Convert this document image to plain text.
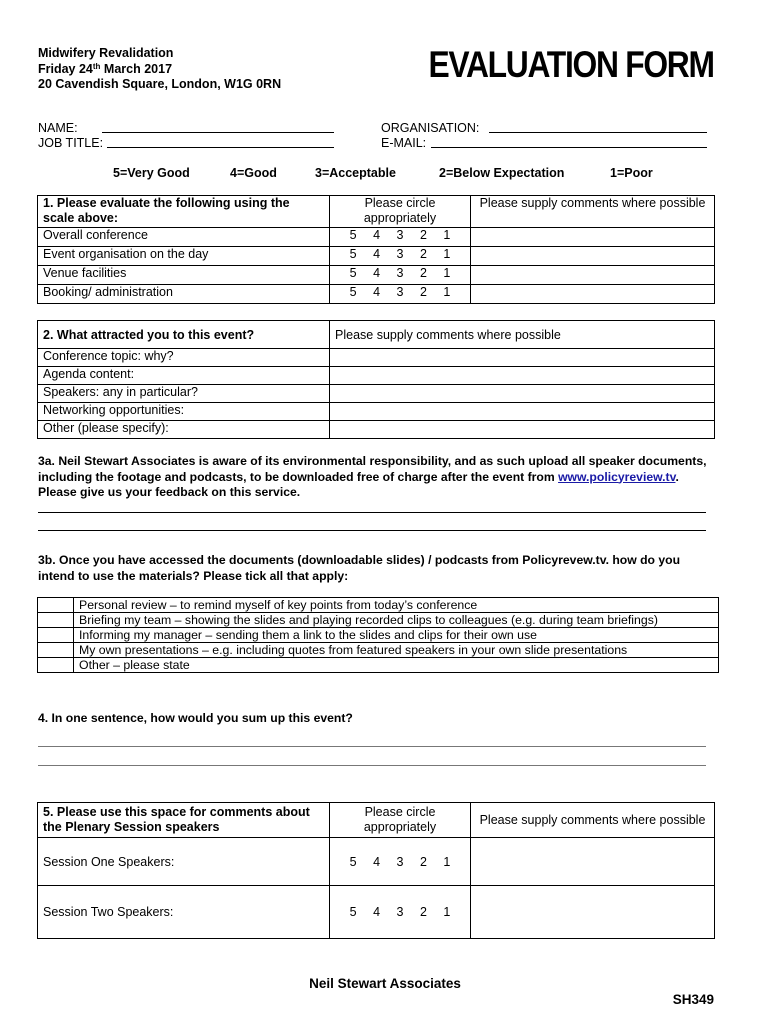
Midwifery Revalidation
Friday 24th March 2017
20 Cavendish Square, London, W1G 0RN	EVALUATION FORM
NAME:
JOB TITLE:
ORGANISATION:
E-MAIL:
5=Very Good	4=Good	3=Acceptable	2=Below Expectation	1=Poor
1. Please evaluate the following using the scale above:	Please circle appropriately	Please supply comments where possible
Overall conference	5 4 3 2 1	
Event organisation on the day	5 4 3 2 1	
Venue facilities	5 4 3 2 1	
Booking/ administration	5 4 3 2 1	
2. What attracted you to this event?	Please supply comments where possible
Conference topic: why?	
Agenda content:	
Speakers: any in particular?	
Networking opportunities:	
Other (please specify):	
3a. Neil Stewart Associates is aware of its environmental responsibility, and as such upload all speaker documents, including the footage and podcasts, to be downloaded free of charge after the event from www.policyreview.tv. Please give us your feedback on this service.
3b. Once you have accessed the documents (downloadable slides) / podcasts from Policyrevew.tv. how do you intend to use the materials? Please tick all that apply:
	Personal review – to remind myself of key points from today’s conference
	Briefing my team – showing the slides and playing recorded clips to colleagues (e.g. during team briefings)
	Informing my manager – sending them a link to the slides and clips for their own use
	My own presentations – e.g. including quotes from featured speakers in your own slide presentations
	Other – please state
4. In one sentence, how would you sum up this event?
5. Please use this space for comments about the Plenary Session speakers	Please circle appropriately	Please supply comments where possible
Session One Speakers:	5 4 3 2 1	
Session Two Speakers:	5 4 3 2 1	
Neil Stewart Associates
SH349
